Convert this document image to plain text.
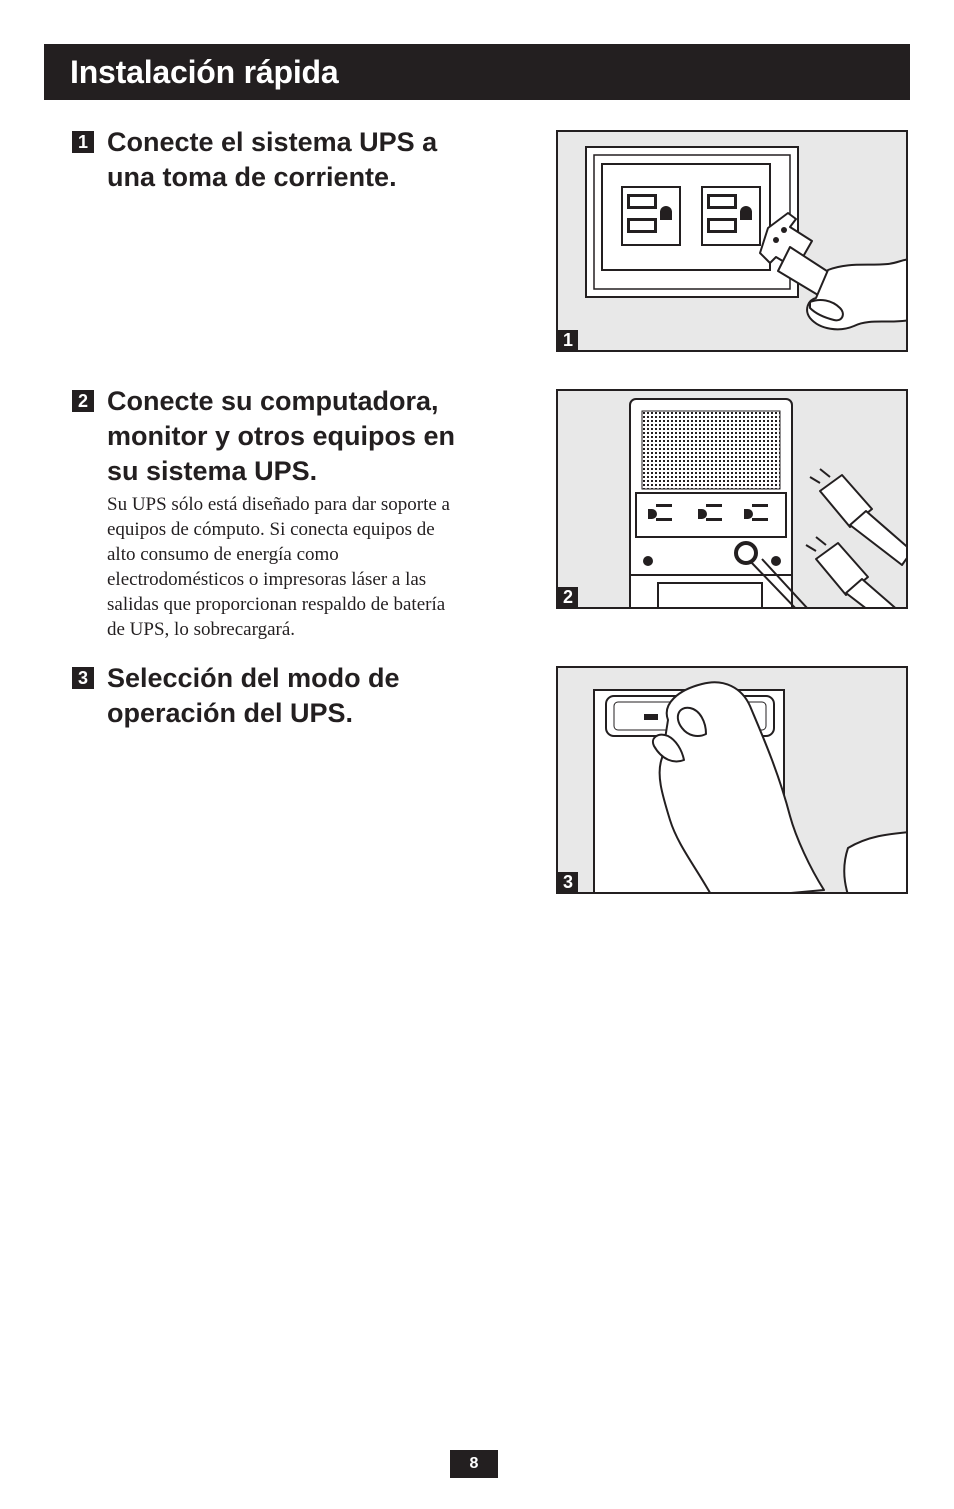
Instalación rápida
1 Conecte el sistema UPS a
una toma de corriente.
2 Conecte su computadora,
monitor y otros equipos en
su sistema UPS.

Su UPS sólo está diseñado para dar soporte a
equipos de cómputo. Si conecta equipos de
alto consumo de energía como
electrodomésticos o impresoras láser a las
salidas que proporcionan respaldo de batería
de UPS, lo sobrecargará.

3 Selección del modo de
operación del UPS.
1
2
3
8
